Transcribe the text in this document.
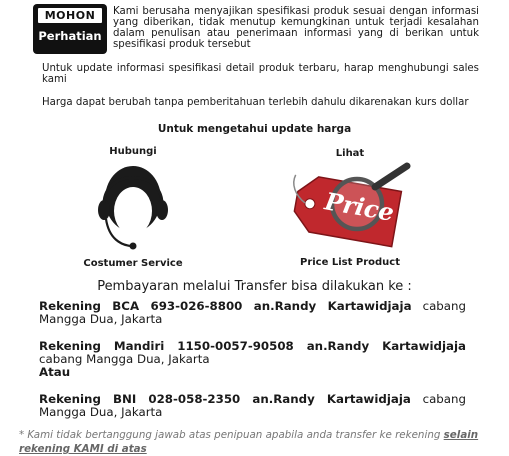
MOHON
Perhatian

Kami berusaha menyajikan spesifikasi produk sesuai dengan informasi yang diberikan, tidak menutup kemungkinan untuk terjadi kesalahan dalam penulisan atau penerimaan informasi yang di berikan untuk spesifikasi produk tersebut

Untuk update informasi spesifikasi detail produk terbaru, harap menghubungi sales kami

Harga dapat berubah tanpa pemberitahuan terlebih dahulu dikarenakan kurs dollar

Untuk mengetahui update harga
Hubungi	Lihat
Price
Costumer Service	Price List Product
Pembayaran melalui Transfer bisa dilakukan ke :

Rekening BCA 693-026-8800 an.Randy Kartawidjaja cabang Mangga Dua, Jakarta

Rekening Mandiri 1150-0057-90508 an.Randy Kartawidjaja cabang Mangga Dua, Jakarta

Atau

Rekening BNI 028-058-2350 an.Randy Kartawidjaja cabang Mangga Dua, Jakarta

* Kami tidak bertanggung jawab atas penipuan apabila anda transfer ke rekening selain rekening KAMI di atas
